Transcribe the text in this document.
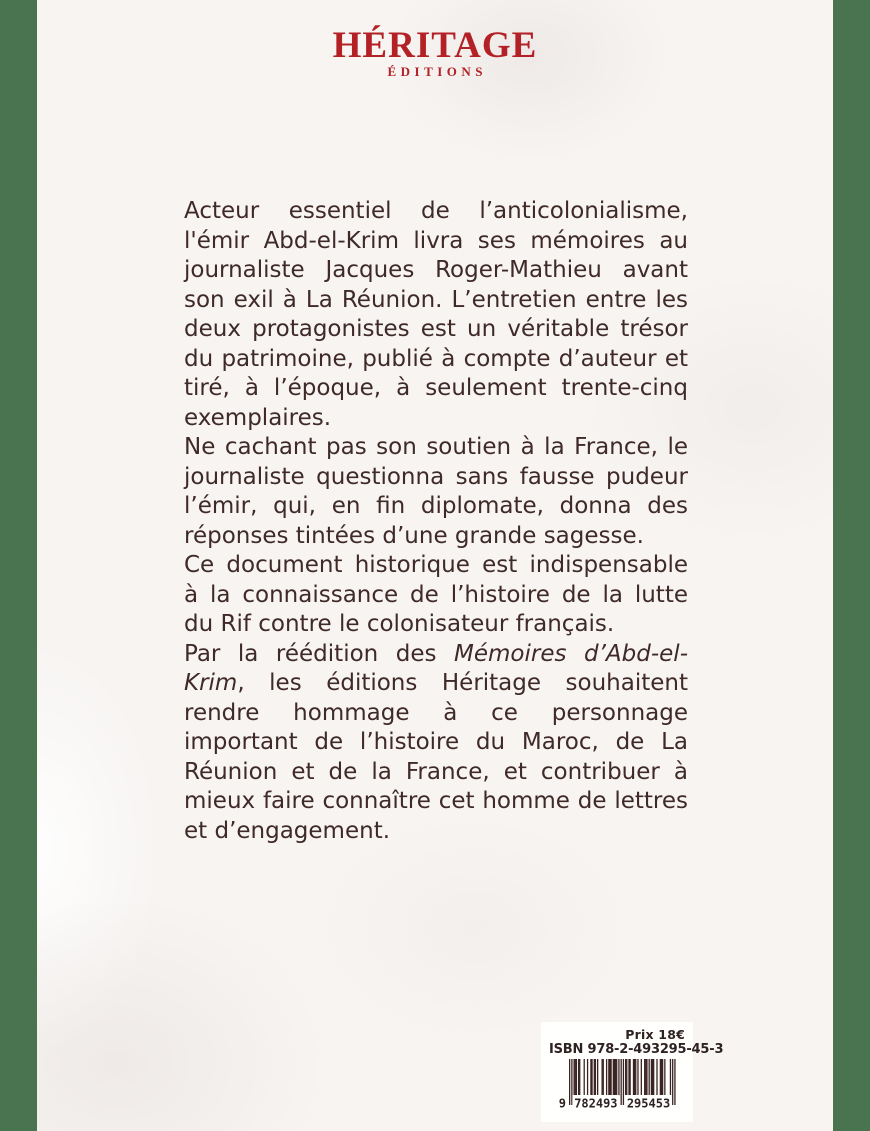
HÉRITAGE
ÉDITIONS

Acteur essentiel de l’anticolonialisme, l'émir Abd-el-Krim livra ses mémoires au journaliste Jacques Roger-Mathieu avant son exil à La Réunion. L’entretien entre les deux protagonistes est un véritable trésor du patrimoine, publié à compte d’auteur et tiré, à l’époque, à seulement trente-cinq exemplaires.

Ne cachant pas son soutien à la France, le journaliste questionna sans fausse pudeur l’émir, qui, en fin diplomate, donna des réponses tintées d’une grande sagesse.

Ce document historique est indispensable à la connaissance de l’histoire de la lutte du Rif contre le colonisateur français.

Par la réédition des Mémoires d’Abd-el-Krim, les éditions Héritage souhaitent rendre hommage à ce personnage important de l’histoire du Maroc, de La Réunion et de la France, et contribuer à mieux faire connaître cet homme de lettres et d’engagement.

Prix 18€
ISBN 978-2-493295-45-3
9 782493 295453
